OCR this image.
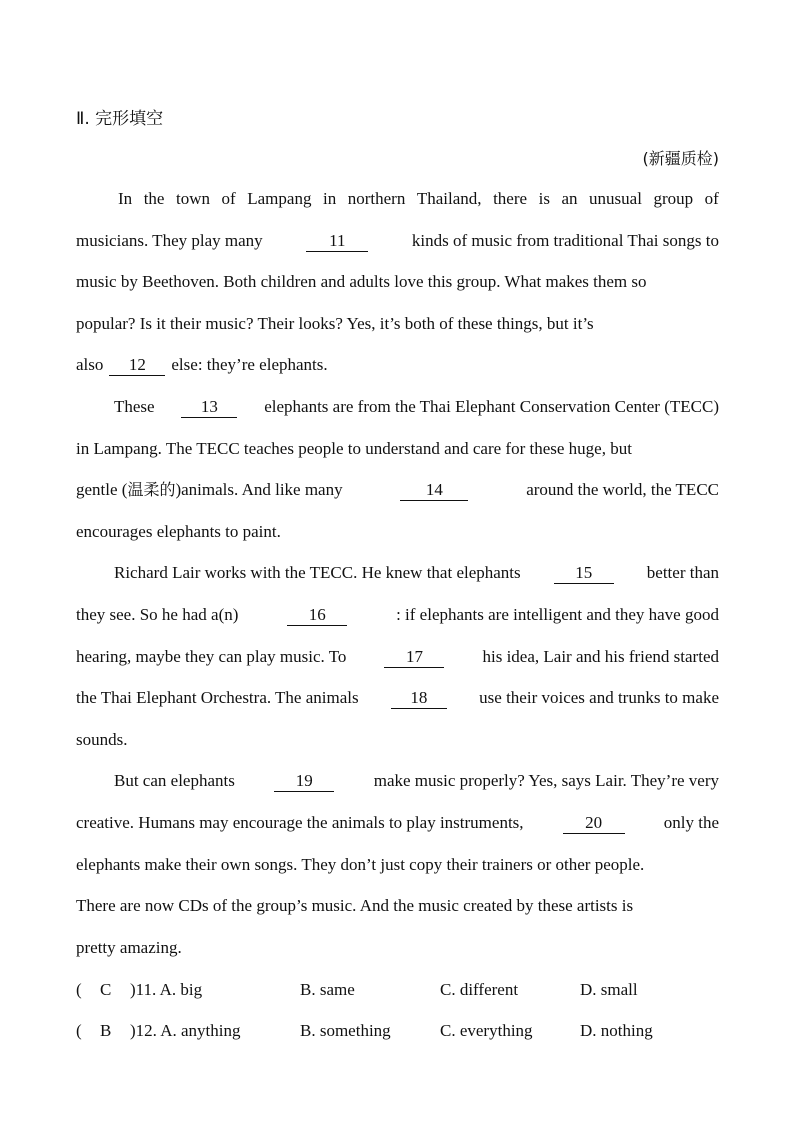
Ⅱ. 完形填空
(新疆质检)
In the town of Lampang in northern Thailand, there is an unusual group of
musicians. They play many	11	kinds of music from traditional Thai songs to
music by Beethoven. Both children and adults love this group. What makes them so
popular? Is it their music? Their looks? Yes, it’s both of these things, but it’s
also	12	else: they’re elephants.
These	13	elephants are from the Thai Elephant Conservation Center (TECC)
in Lampang. The TECC teaches people to understand and care for these huge, but
gentle (温柔的)animals. And like many	14	around the world, the TECC
encourages elephants to paint.
Richard Lair works with the TECC. He knew that elephants	15	better than
they see. So he had a(n)	16	: if elephants are intelligent and they have good
hearing, maybe they can play music. To	17	his idea, Lair and his friend started
the Thai Elephant Orchestra. The animals	18	use their voices and trunks to make
sounds.
But can elephants	19	make music properly? Yes, says Lair. They’re very
creative. Humans may encourage the animals to play instruments,	20	only the
elephants make their own songs. They don’t just copy their trainers or other people.
There are now CDs of the group’s music. And the music created by these artists is
pretty amazing.
( C )11. A. big	B. same	C. different	D. small
( B )12. A. anything	B. something	C. everything	D. nothing
